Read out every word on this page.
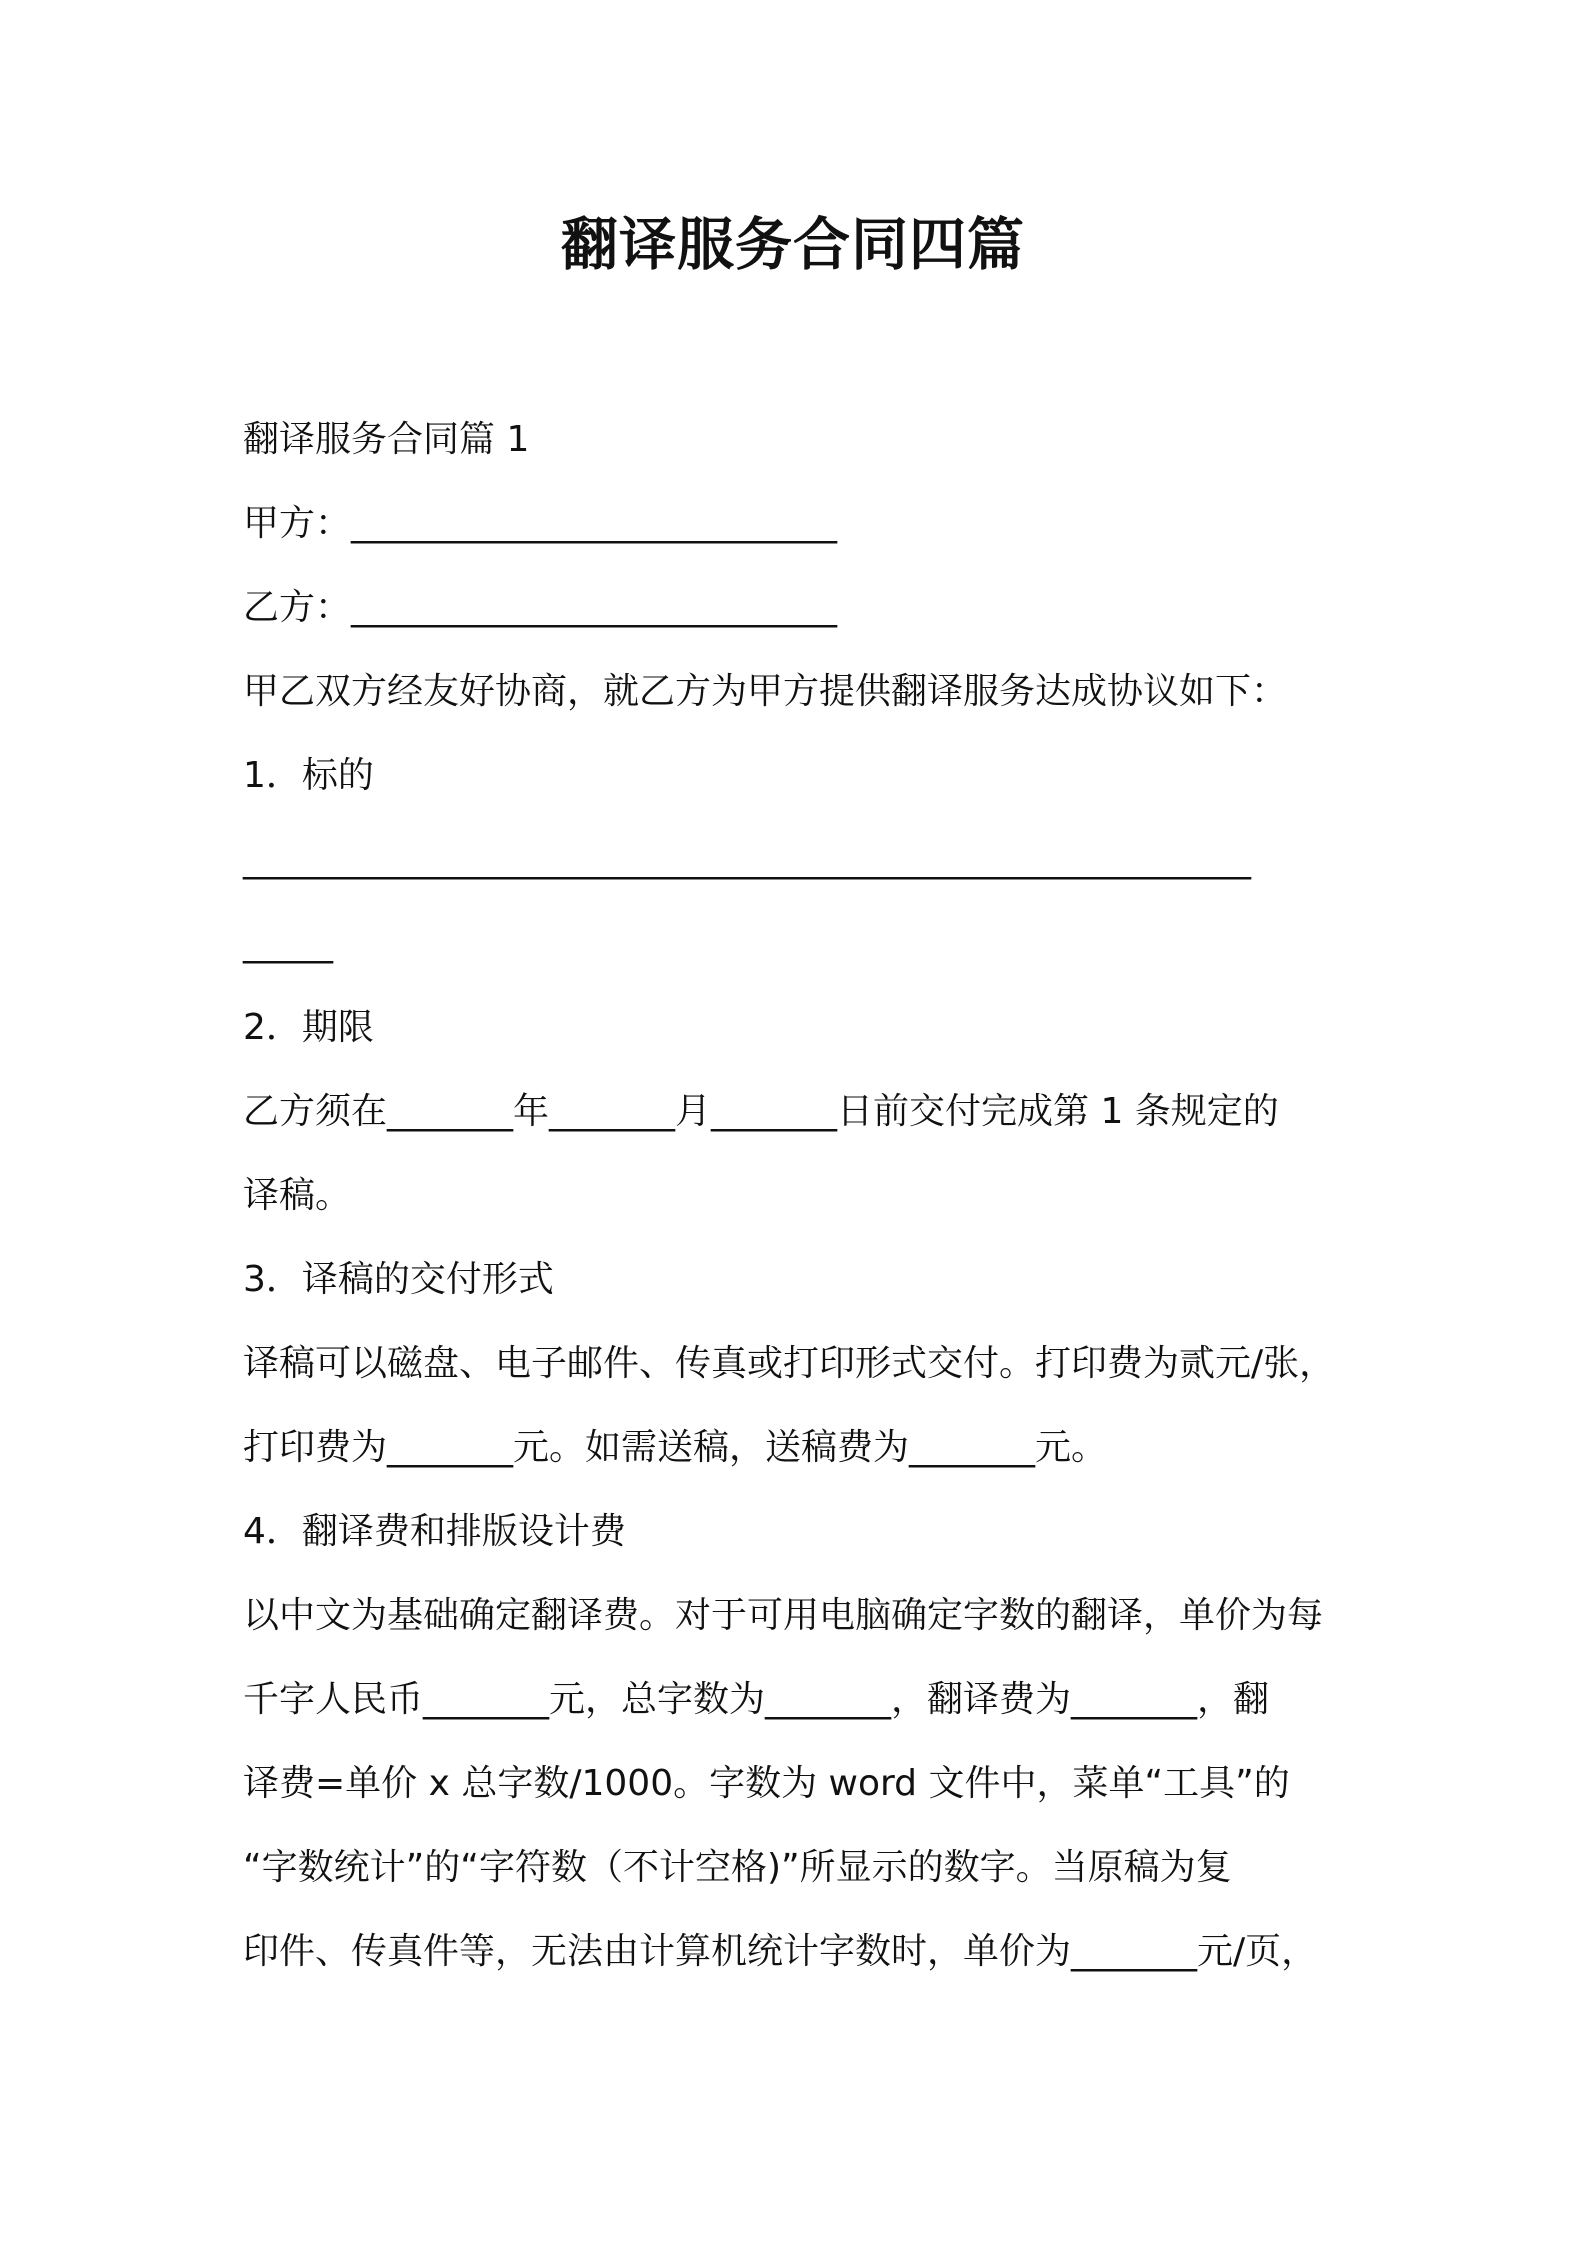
翻译服务合同四篇
翻译服务合同篇 1
甲方：___________________________
乙方：___________________________
甲乙双方经友好协商，就乙方为甲方提供翻译服务达成协议如下：
1．标的
________________________________________________________
_____
2．期限
乙方须在_______年_______月_______日前交付完成第 1 条规定的
译稿。
3．译稿的交付形式
译稿可以磁盘、电子邮件、传真或打印形式交付。打印费为贰元/张，
打印费为_______元。如需送稿，送稿费为_______元。
4．翻译费和排版设计费
以中文为基础确定翻译费。对于可用电脑确定字数的翻译，单价为每
千字人民币_______元，总字数为_______，翻译费为_______，翻
译费=单价 x 总字数/1000。字数为 word 文件中，菜单“工具”的
“字数统计”的“字符数（不计空格)”所显示的数字。当原稿为复
印件、传真件等，无法由计算机统计字数时，单价为_______元/页，
